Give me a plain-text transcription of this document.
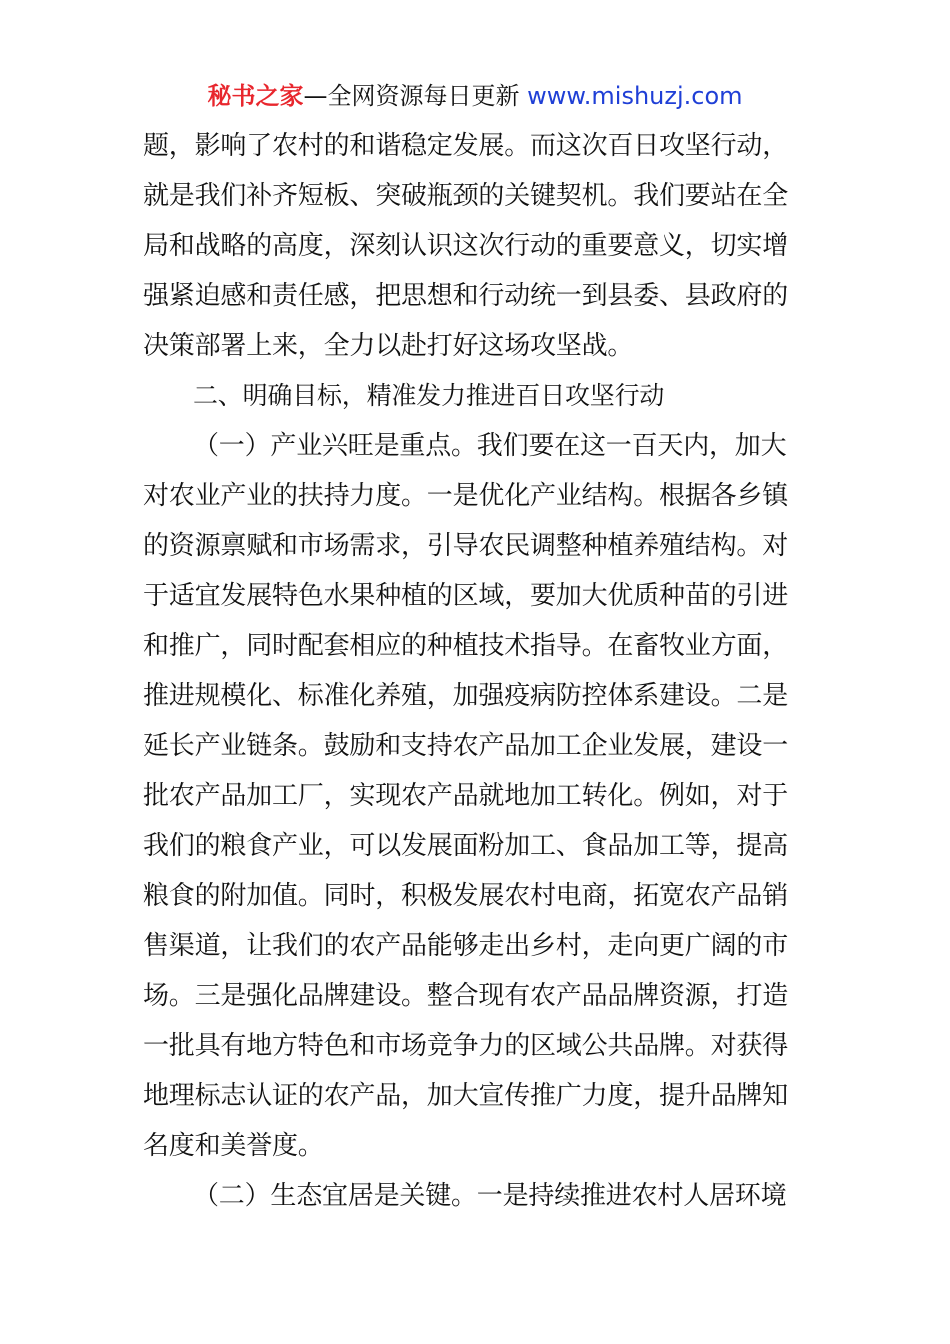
秘书之家—全网资源每日更新 www.mishuzj.com
题，影响了农村的和谐稳定发展。而这次百日攻坚行动，
就是我们补齐短板、突破瓶颈的关键契机。我们要站在全
局和战略的高度，深刻认识这次行动的重要意义，切实增
强紧迫感和责任感，把思想和行动统一到县委、县政府的
决策部署上来，全力以赴打好这场攻坚战。
二、明确目标，精准发力推进百日攻坚行动
（一）产业兴旺是重点。我们要在这一百天内，加大
对农业产业的扶持力度。一是优化产业结构。根据各乡镇
的资源禀赋和市场需求，引导农民调整种植养殖结构。对
于适宜发展特色水果种植的区域，要加大优质种苗的引进
和推广，同时配套相应的种植技术指导。在畜牧业方面，
推进规模化、标准化养殖，加强疫病防控体系建设。二是
延长产业链条。鼓励和支持农产品加工企业发展，建设一
批农产品加工厂，实现农产品就地加工转化。例如，对于
我们的粮食产业，可以发展面粉加工、食品加工等，提高
粮食的附加值。同时，积极发展农村电商，拓宽农产品销
售渠道，让我们的农产品能够走出乡村，走向更广阔的市
场。三是强化品牌建设。整合现有农产品品牌资源，打造
一批具有地方特色和市场竞争力的区域公共品牌。对获得
地理标志认证的农产品，加大宣传推广力度，提升品牌知
名度和美誉度。
（二）生态宜居是关键。一是持续推进农村人居环境
